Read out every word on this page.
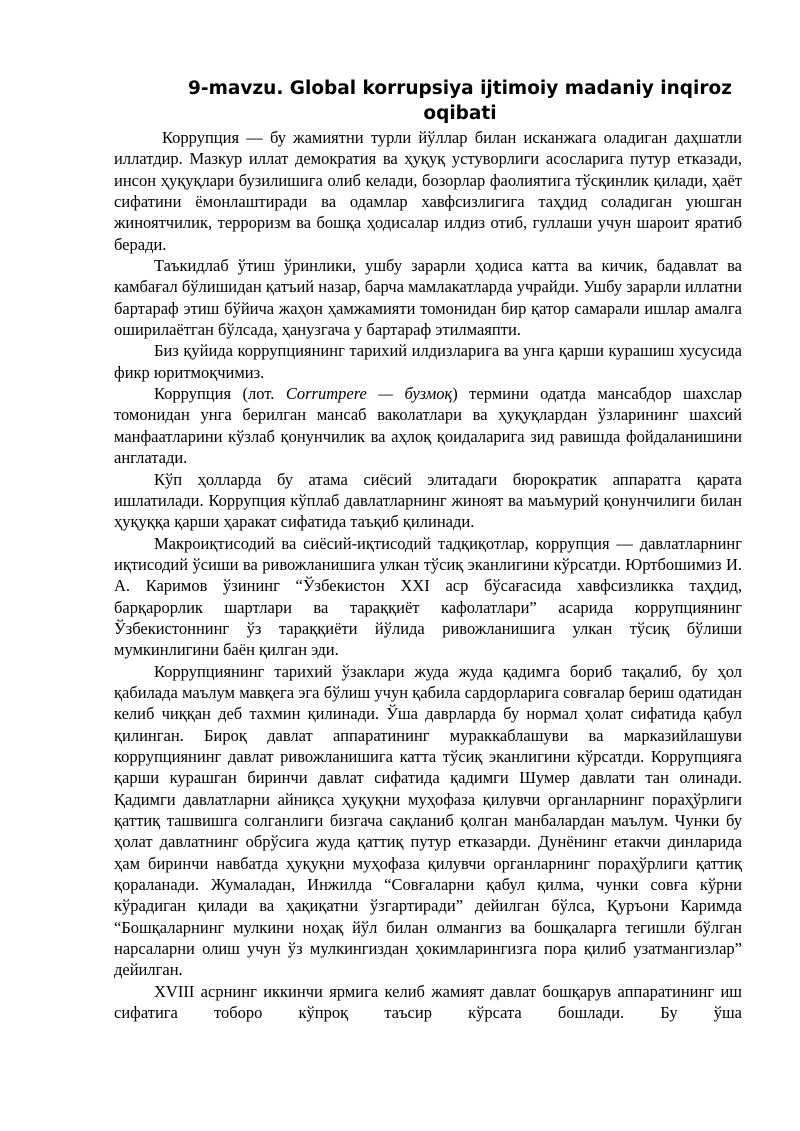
9-mavzu. Global korrupsiya ijtimoiy madaniy inqiroz
oqibati

Коррупция — бу жамиятни турли йўллар билан исканжага оладиган даҳшатли иллатдир. Мазкур иллат демократия ва ҳуқуқ устуворлиги асосларига путур етказади, инсон ҳуқуқлари бузилишига олиб келади, бозорлар фаолиятига тўсқинлик қилади, ҳаёт сифатини ёмонлаштиради ва одамлар хавфсизлигига таҳдид соладиган уюшган жиноятчилик, терроризм ва бошқа ҳодисалар илдиз отиб, гуллаши учун шароит яратиб беради.

Таъкидлаб ўтиш ўринлики, ушбу зарарли ҳодиса катта ва кичик, бадавлат ва камбағал бўлишидан қатъий назар, барча мамлакатларда учрайди. Ушбу зарарли иллатни бартараф этиш бўйича жаҳон ҳамжамияти томонидан бир қатор самарали ишлар амалга оширилаётган бўлсада, ҳанузгача у бартараф этилмаяпти.

Биз қуйида коррупциянинг тарихий илдизларига ва унга қарши курашиш хусусида фикр юритмоқчимиз.

Коррупция (лот. Corrumpere — бузмоқ) термини одатда мансабдор шахслар томонидан унга берилган мансаб ваколатлари ва ҳуқуқлардан ўзларининг шахсий манфаатларини кўзлаб қонунчилик ва аҳлоқ қоидаларига зид равишда фойдаланишини англатади.

Кўп ҳолларда бу атама сиёсий элитадаги бюрократик аппаратга қарата ишлатилади. Коррупция кўплаб давлатларнинг жиноят ва маъмурий қонунчилиги билан ҳуқуққа қарши ҳаракат сифатида таъқиб қилинади.

Макроиқтисодий ва сиёсий-иқтисодий тадқиқотлар, коррупция — давлатларнинг иқтисодий ўсиши ва ривожланишига улкан тўсиқ эканлигини кўрсатди. Юртбошимиз И. А. Каримов ўзининг “Ўзбекистон XXI аср бўсағасида хавфсизликка таҳдид, барқарорлик шартлари ва тараққиёт кафолатлари” асарида коррупциянинг Ўзбекистоннинг ўз тараққиёти йўлида ривожланишига улкан тўсиқ бўлиши мумкинлигини баён қилган эди.

Коррупциянинг тарихий ўзаклари жуда жуда қадимга бориб тақалиб, бу ҳол қабилада маълум мавқега эга бўлиш учун қабила сардорларига совғалар бериш одатидан келиб чиққан деб тахмин қилинади. Ўша даврларда бу нормал ҳолат сифатида қабул қилинган. Бироқ давлат аппаратининг мураккаблашуви ва марказийлашуви коррупциянинг давлат ривожланишига катта тўсиқ эканлигини кўрсатди. Коррупцияга қарши курашган биринчи давлат сифатида қадимги Шумер давлати тан олинади. Қадимги давлатларни айниқса ҳуқуқни муҳофаза қилувчи органларнинг пораҳўрлиги қаттиқ ташвишга солганлиги бизгача сақланиб қолган манбалардан маълум. Чунки бу ҳолат давлатнинг обрўсига жуда қаттиқ путур етказарди. Дунёнинг етакчи динларида ҳам биринчи навбатда ҳуқуқни муҳофаза қилувчи органларнинг пораҳўрлиги қаттиқ қораланади. Жумаладан, Инжилда “Совғаларни қабул қилма, чунки совға кўрни кўрадиган қилади ва ҳақиқатни ўзгартиради” дейилган бўлса, Қуръони Каримда “Бошқаларнинг мулкини ноҳақ йўл билан олмангиз ва бошқаларга тегишли бўлган нарсаларни олиш учун ўз мулкингиздан ҳокимларингизга пора қилиб узатмангизлар” дейилган.

XVIII асрнинг иккинчи ярмига келиб жамият давлат бошқарув аппаратининг иш сифатига тоборо кўпроқ таъсир кўрсата бошлади. Бу ўша
